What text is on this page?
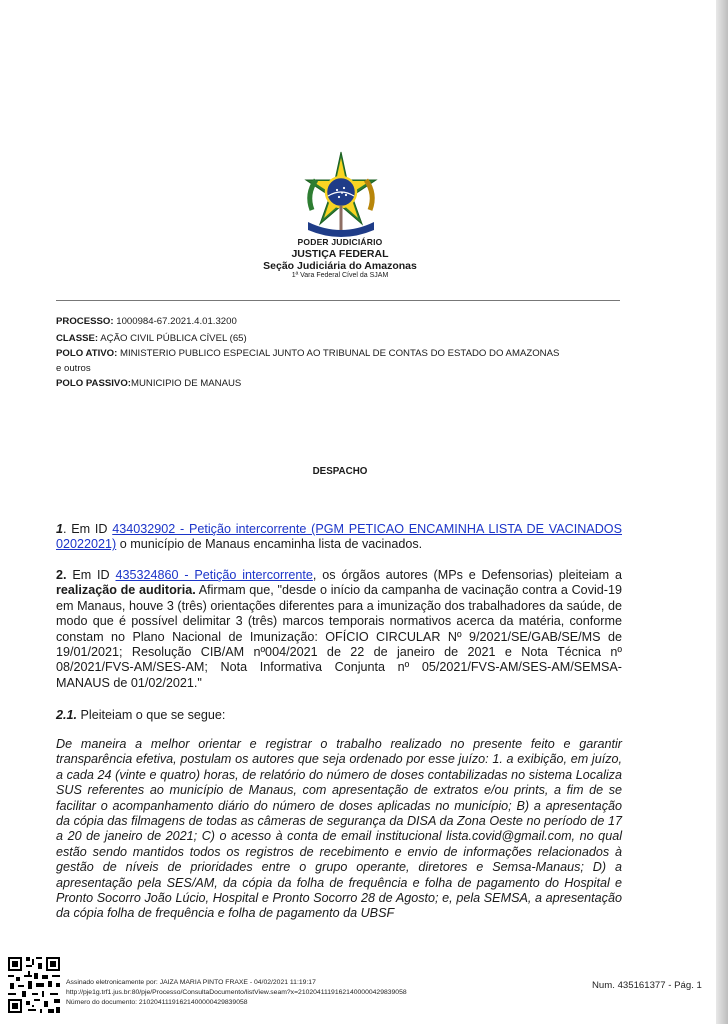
PODER JUDICIÁRIO
JUSTIÇA FEDERAL
Seção Judiciária do Amazonas
1ª Vara Federal Cível da SJAM
PROCESSO: 1000984-67.2021.4.01.3200
CLASSE: AÇÃO CIVIL PÚBLICA CÍVEL (65)
POLO ATIVO: MINISTERIO PUBLICO ESPECIAL JUNTO AO TRIBUNAL DE CONTAS DO ESTADO DO AMAZONAS
e outros
POLO PASSIVO:MUNICIPIO DE MANAUS
DESPACHO
1. Em ID 434032902 - Petição intercorrente (PGM PETICAO ENCAMINHA LISTA DE VACINADOS 02022021) o município de Manaus encaminha lista de vacinados.
2. Em ID 435324860 - Petição intercorrente, os órgãos autores (MPs e Defensorias) pleiteiam a realização de auditoria. Afirmam que, "desde o início da campanha de vacinação contra a Covid-19 em Manaus, houve 3 (três) orientações diferentes para a imunização dos trabalhadores da saúde, de modo que é possível delimitar 3 (três) marcos temporais normativos acerca da matéria, conforme constam no Plano Nacional de Imunização: OFÍCIO CIRCULAR Nº 9/2021/SE/GAB/SE/MS de 19/01/2021; Resolução CIB/AM nº004/2021 de 22 de janeiro de 2021 e Nota Técnica nº 08/2021/FVS-AM/SES-AM; Nota Informativa Conjunta nº 05/2021/FVS-AM/SES-AM/SEMSA-MANAUS de 01/02/2021."
2.1. Pleiteiam o que se segue:
De maneira a melhor orientar e registrar o trabalho realizado no presente feito e garantir transparência efetiva, postulam os autores que seja ordenado por esse juízo: 1. a exibição, em juízo, a cada 24 (vinte e quatro) horas, de relatório do número de doses contabilizadas no sistema Localiza SUS referentes ao município de Manaus, com apresentação de extratos e/ou prints, a fim de se facilitar o acompanhamento diário do número de doses aplicadas no município; B) a apresentação da cópia das filmagens de todas as câmeras de segurança da DISA da Zona Oeste no período de 17 a 20 de janeiro de 2021; C) o acesso à conta de email institucional lista.covid@gmail.com, no qual estão sendo mantidos todos os registros de recebimento e envio de informações relacionados à gestão de níveis de prioridades entre o grupo operante, diretores e Semsa-Manaus; D) a apresentação pela SES/AM, da cópia da folha de frequência e folha de pagamento do Hospital e Pronto Socorro João Lúcio, Hospital e Pronto Socorro 28 de Agosto; e, pela SEMSA, a apresentação da cópia folha de frequência e folha de pagamento da UBSF
Assinado eletronicamente por: JAIZA MARIA PINTO FRAXE - 04/02/2021 11:19:17
http://pje1g.trf1.jus.br:80/pje/Processo/ConsultaDocumento/listView.seam?x=21020411191621400000429839058
Número do documento: 21020411191621400000429839058
Num. 435161377 - Pág. 1
